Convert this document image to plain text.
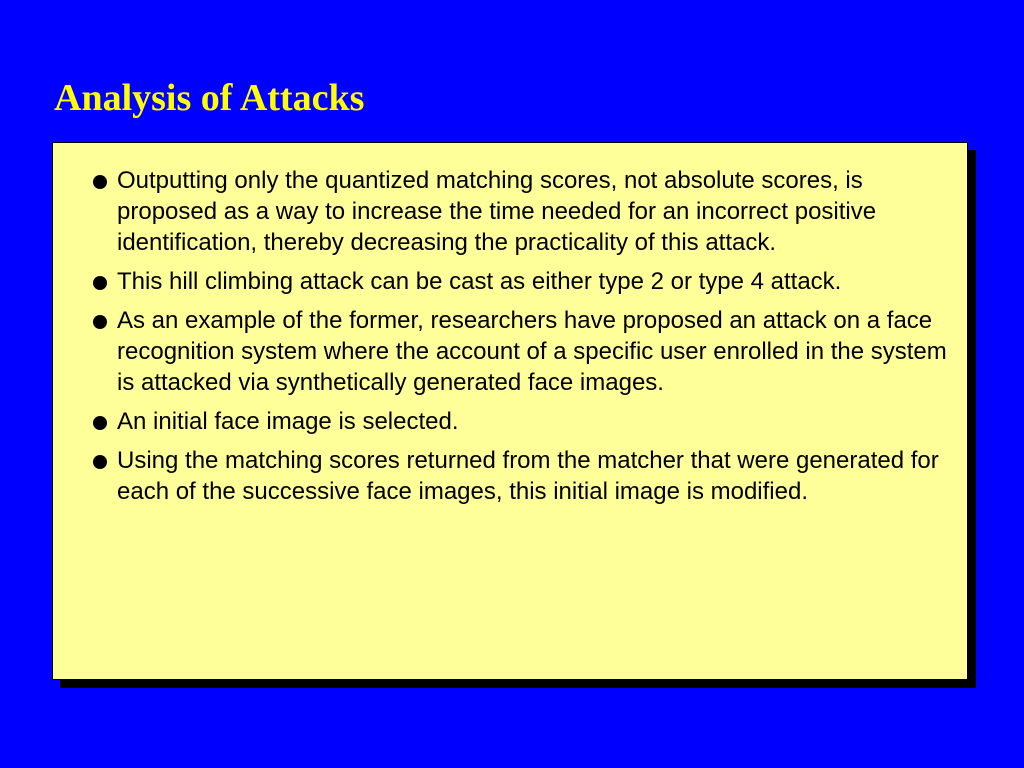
Analysis of Attacks
Outputting only the quantized matching scores, not absolute scores, is proposed as a way to increase the time needed for an incorrect positive identification, thereby decreasing the practicality of this attack.
This hill climbing attack can be cast as either type 2 or type 4 attack.
As an example of the former, researchers have proposed an attack on a face recognition system where the account of a specific user enrolled in the system is attacked via synthetically generated face images.
An initial face image is selected.
Using the matching scores returned from the matcher that were generated for each of the successive face images, this initial image is modified.
